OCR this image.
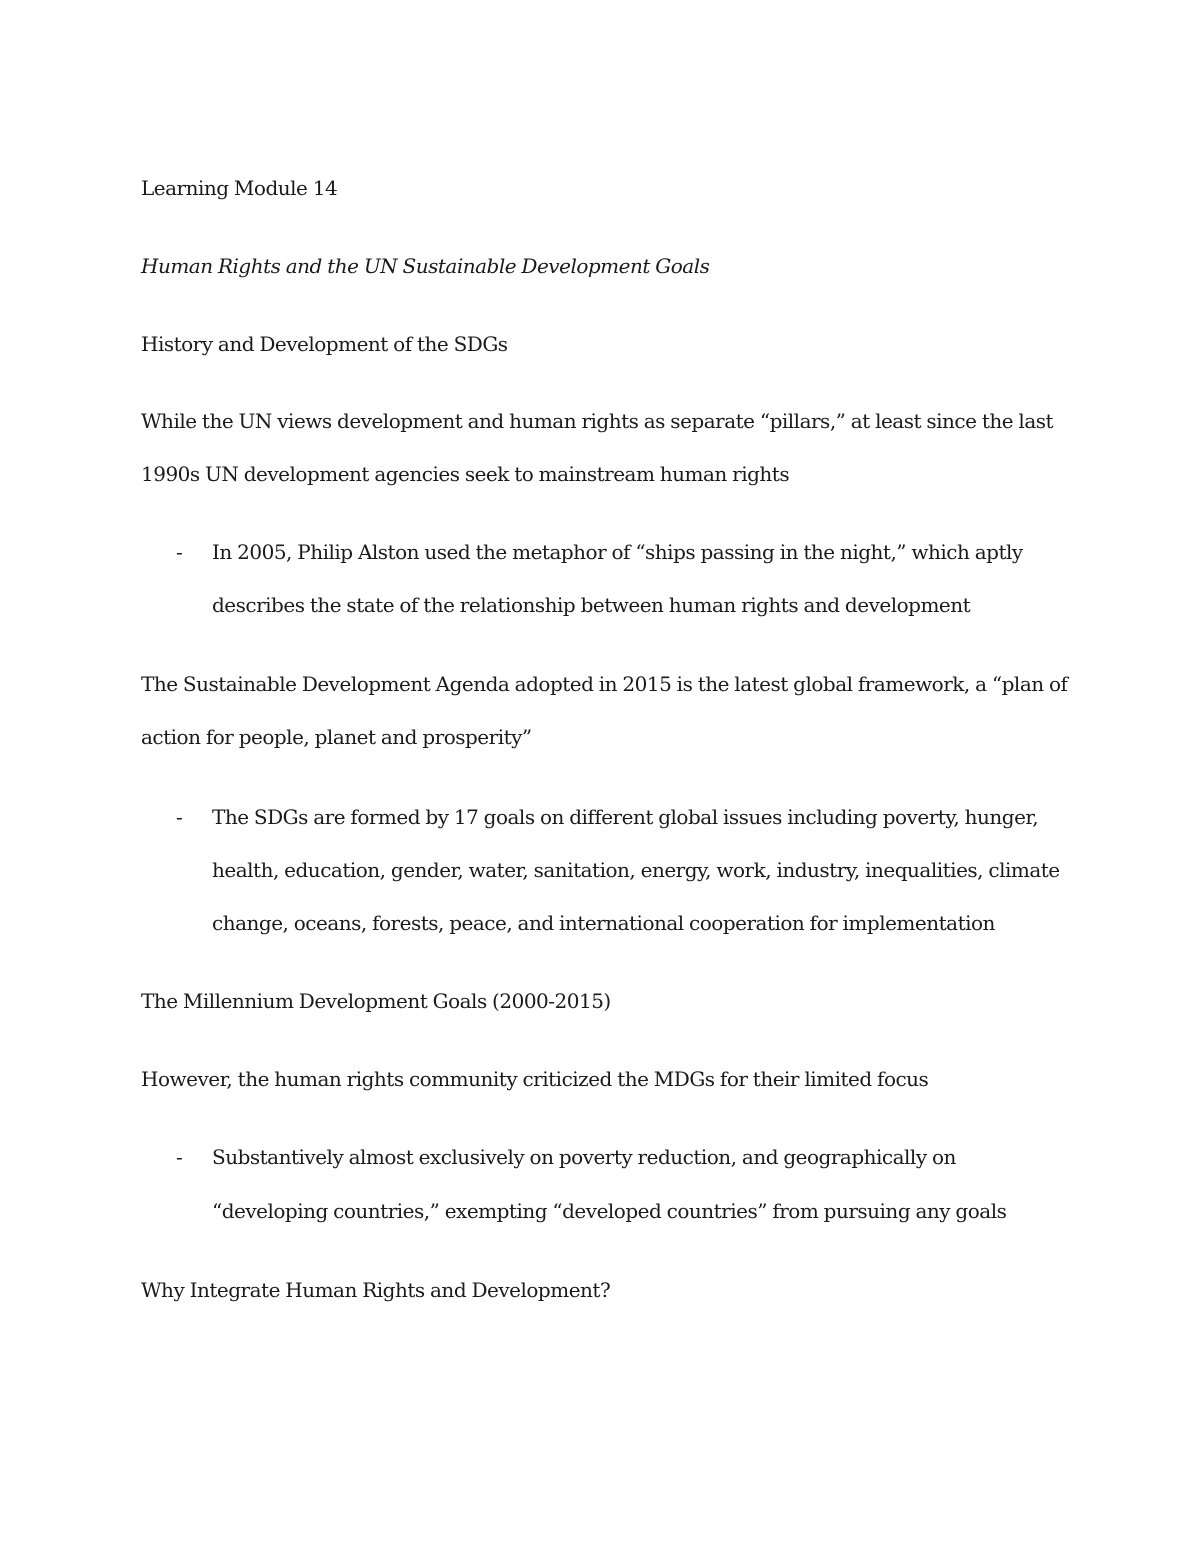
Learning Module 14
Human Rights and the UN Sustainable Development Goals
History and Development of the SDGs
While the UN views development and human rights as separate “pillars,” at least since the last
1990s UN development agencies seek to mainstream human rights
- In 2005, Philip Alston used the metaphor of “ships passing in the night,” which aptly
describes the state of the relationship between human rights and development
The Sustainable Development Agenda adopted in 2015 is the latest global framework, a “plan of
action for people, planet and prosperity”
- The SDGs are formed by 17 goals on different global issues including poverty, hunger,
health, education, gender, water, sanitation, energy, work, industry, inequalities, climate
change, oceans, forests, peace, and international cooperation for implementation
The Millennium Development Goals (2000-2015)
However, the human rights community criticized the MDGs for their limited focus
- Substantively almost exclusively on poverty reduction, and geographically on
“developing countries,” exempting “developed countries” from pursuing any goals
Why Integrate Human Rights and Development?
